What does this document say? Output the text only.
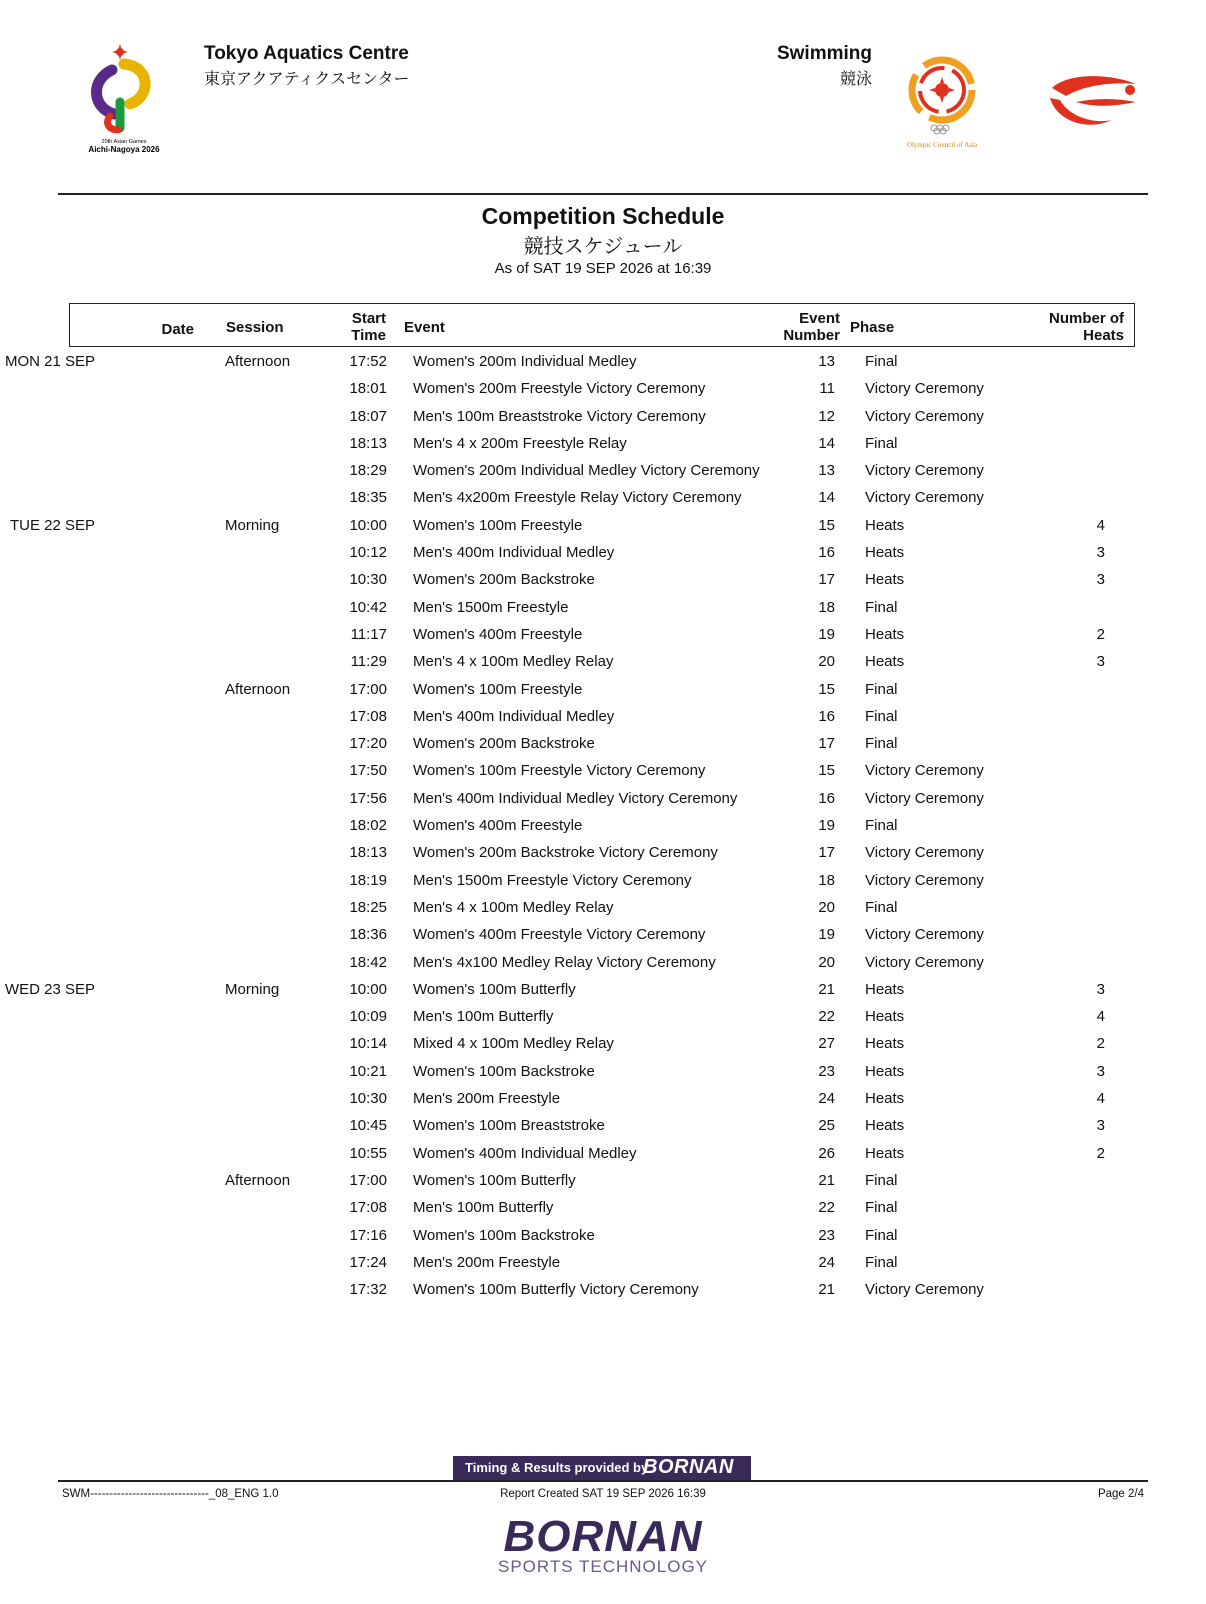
20th Asian Games
Aichi-Nagoya 2026
Tokyo Aquatics Centre
東京アクアティクスセンター
Swimming
競泳
Olympic Council of Asia
Competition Schedule
競技スケジュール
As of SAT 19 SEP 2026 at 16:39
Date Session
Start
Time Event
Event
Number Phase
Number of
Heats
MON 21 SEP	Afternoon	17:52 Women's 200m Individual Medley	13 Final
18:01 Women's 200m Freestyle Victory Ceremony	11 Victory Ceremony
18:07 Men's 100m Breaststroke Victory Ceremony	12 Victory Ceremony
18:13 Men's 4 x 200m Freestyle Relay	14 Final
18:29 Women's 200m Individual Medley Victory Ceremony	13 Victory Ceremony
18:35 Men's 4x200m Freestyle Relay Victory Ceremony	14 Victory Ceremony
TUE 22 SEP	Morning	10:00 Women's 100m Freestyle	15 Heats	4
10:12 Men's 400m Individual Medley	16 Heats	3
10:30 Women's 200m Backstroke	17 Heats	3
10:42 Men's 1500m Freestyle	18 Final
11:17 Women's 400m Freestyle	19 Heats	2
11:29 Men's 4 x 100m Medley Relay	20 Heats	3
Afternoon	17:00 Women's 100m Freestyle	15 Final
17:08 Men's 400m Individual Medley	16 Final
17:20 Women's 200m Backstroke	17 Final
17:50 Women's 100m Freestyle Victory Ceremony	15 Victory Ceremony
17:56 Men's 400m Individual Medley Victory Ceremony	16 Victory Ceremony
18:02 Women's 400m Freestyle	19 Final
18:13 Women's 200m Backstroke Victory Ceremony	17 Victory Ceremony
18:19 Men's 1500m Freestyle Victory Ceremony	18 Victory Ceremony
18:25 Men's 4 x 100m Medley Relay	20 Final
18:36 Women's 400m Freestyle Victory Ceremony	19 Victory Ceremony
18:42 Men's 4x100 Medley Relay Victory Ceremony	20 Victory Ceremony
WED 23 SEP	Morning	10:00 Women's 100m Butterfly	21 Heats	3
10:09 Men's 100m Butterfly	22 Heats	4
10:14 Mixed 4 x 100m Medley Relay	27 Heats	2
10:21 Women's 100m Backstroke	23 Heats	3
10:30 Men's 200m Freestyle	24 Heats	4
10:45 Women's 100m Breaststroke	25 Heats	3
10:55 Women's 400m Individual Medley	26 Heats	2
Afternoon	17:00 Women's 100m Butterfly	21 Final
17:08 Men's 100m Butterfly	22 Final
17:16 Women's 100m Backstroke	23 Final
17:24 Men's 200m Freestyle	24 Final
17:32 Women's 100m Butterfly Victory Ceremony	21 Victory Ceremony
Timing & Results provided by
BORNAN
SWM-------------------------------_08_ENG 1.0	Report Created SAT 19 SEP 2026 16:39	Page 2/4
BORNAN
SPORTS TECHNOLOGY
